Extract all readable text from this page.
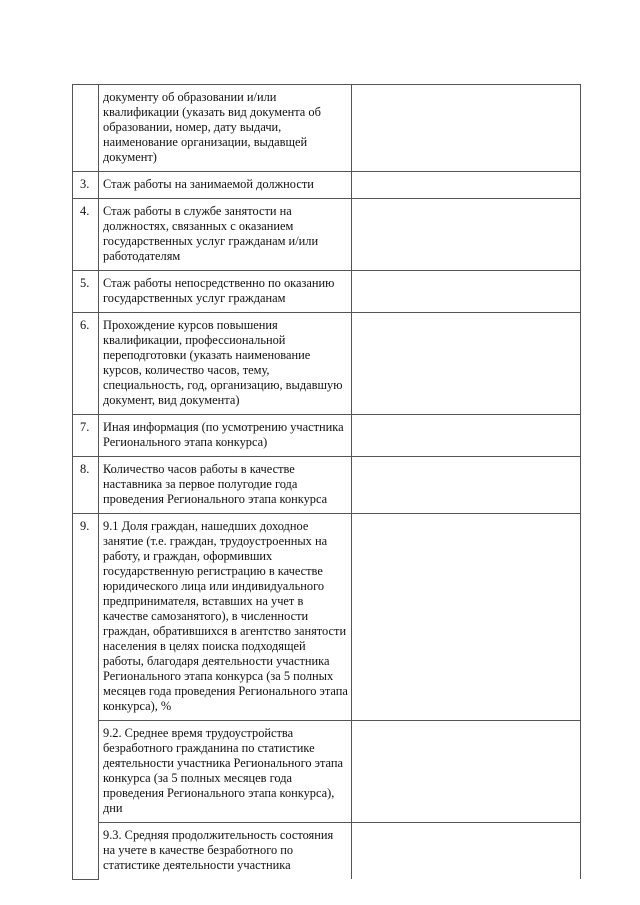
	документу об образовании и/или квалификации (указать вид документа об образовании, номер, дату выдачи, наименование организации, выдавщей документ)	
3.	Стаж работы на занимаемой должности	
4.	Стаж работы в службе занятости на должностях, связанных с оказанием государственных услуг гражданам и/или работодателям	
5.	Стаж работы непосредственно по оказанию государственных услуг гражданам	
6.	Прохождение курсов повышения квалификации, профессиональной переподготовки (указать наименование курсов, количество часов, тему, специальность, год, организацию, выдавшую документ, вид документа)	
7.	Иная информация (по усмотрению участника Регионального этапа конкурса)	
8.	Количество часов работы в качестве наставника за первое полугодие года проведения Регионального этапа конкурса	
9.	9.1 Доля граждан, нашедших доходное занятие (т.е. граждан, трудоустроенных на работу, и граждан, оформивших государственную регистрацию в качестве юридического лица или индивидуального предпринимателя, вставших на учет в качестве самозанятого), в численности граждан, обратившихся в агентство занятости населения в целях поиска подходящей работы, благодаря деятельности участника Регионального этапа конкурса (за 5 полных месяцев года проведения Регионального этапа конкурса), %	
	9.2. Среднее время трудоустройства безработного гражданина по статистике деятельности участника Регионального этапа конкурса (за 5 полных месяцев года проведения Регионального этапа конкурса), дни	
	9.3. Средняя продолжительность состояния на учете в качестве безработного по статистике деятельности участника	
